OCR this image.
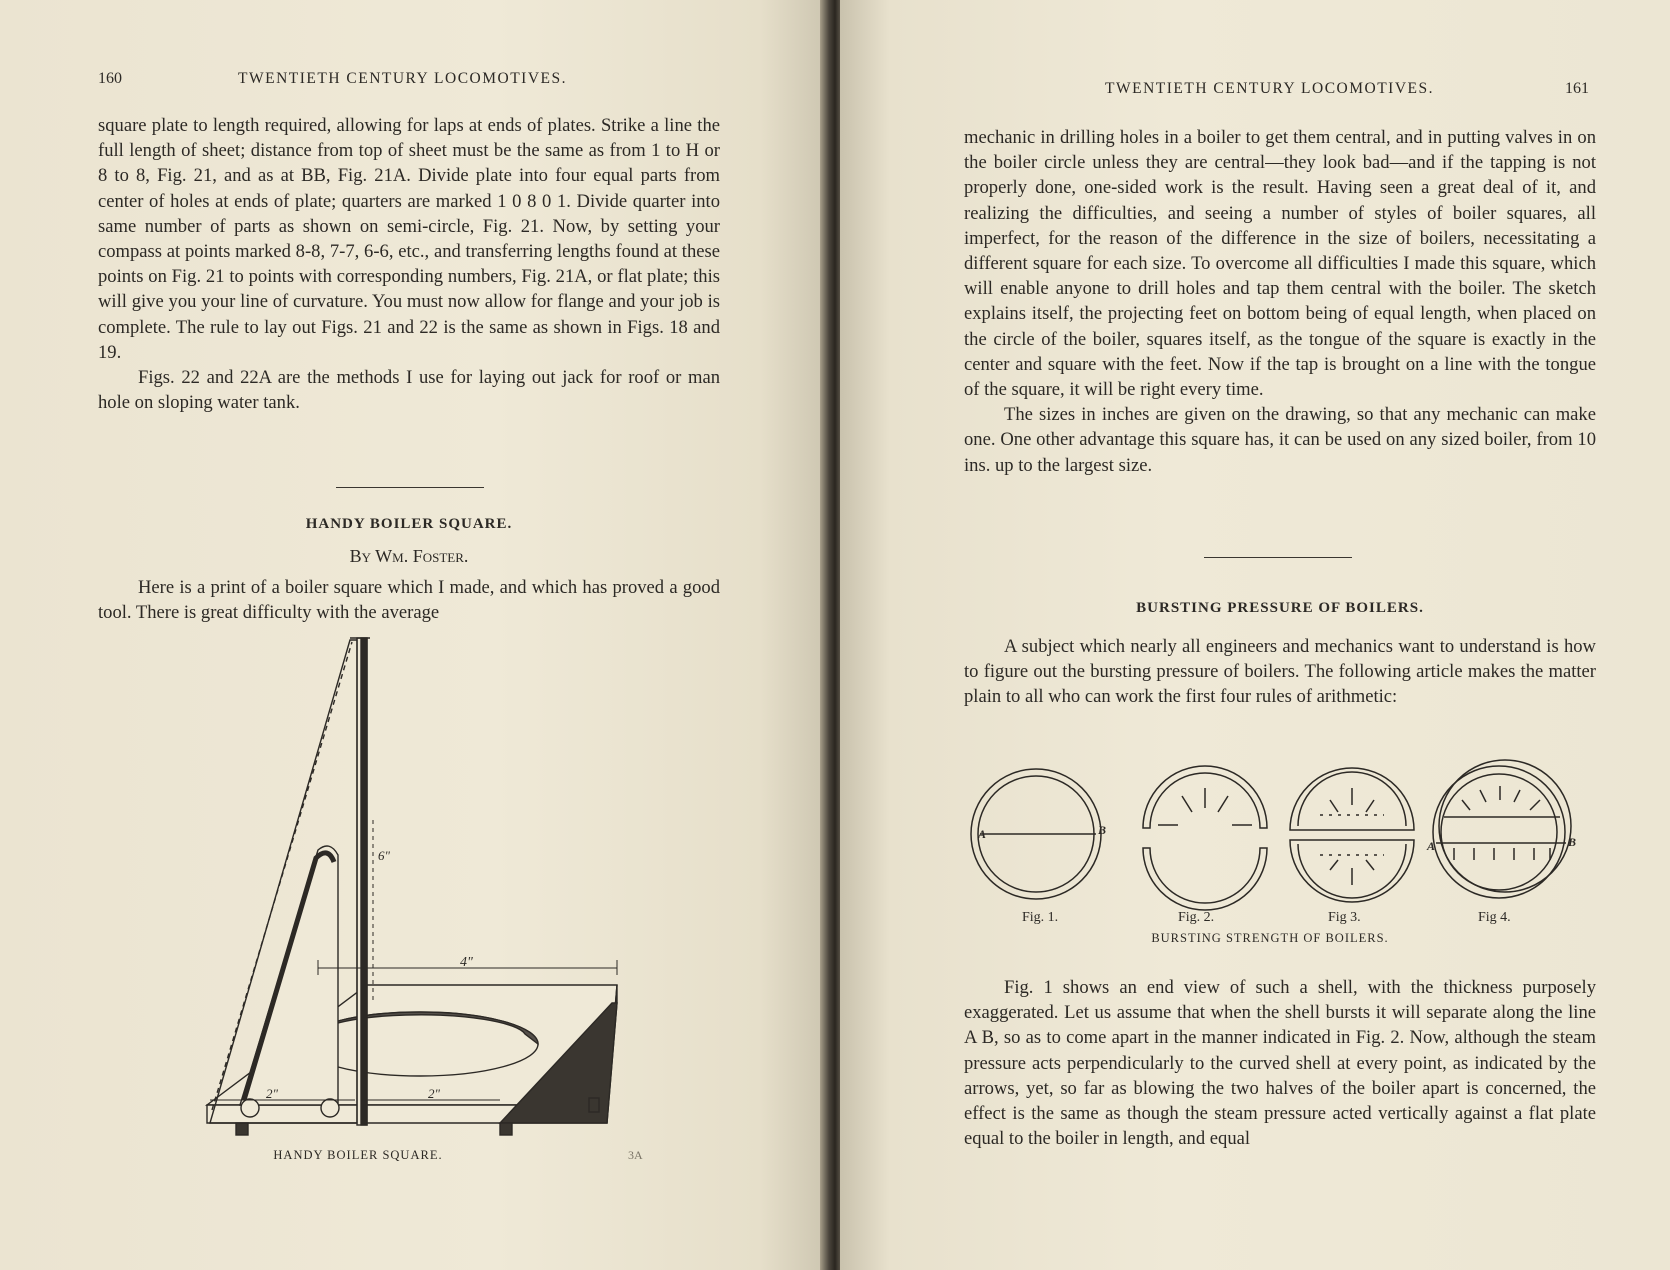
160	TWENTIETH CENTURY LOCOMOTIVES.

square plate to length required, allowing for laps at ends of plates. Strike a line the full length of sheet; distance from top of sheet must be the same as from 1 to H or 8 to 8, Fig. 21, and as at BB, Fig. 21A. Divide plate into four equal parts from center of holes at ends of plate; quarters are marked 1 0 8 0 1. Divide quarter into same number of parts as shown on semi-circle, Fig. 21. Now, by setting your compass at points marked 8-8, 7-7, 6-6, etc., and transferring lengths found at these points on Fig. 21 to points with corresponding numbers, Fig. 21A, or flat plate; this will give you your line of curvature. You must now allow for flange and your job is complete. The rule to lay out Figs. 21 and 22 is the same as shown in Figs. 18 and 19.

Figs. 22 and 22A are the methods I use for laying out jack for roof or man hole on sloping water tank.

HANDY BOILER SQUARE.
By Wm. Foster.

Here is a print of a boiler square which I made, and which has proved a good tool. There is great difficulty with the average

4"
2"	2"
6"
HANDY BOILER SQUARE.	3A
TWENTIETH CENTURY LOCOMOTIVES.	161

mechanic in drilling holes in a boiler to get them central, and in putting valves in on the boiler circle unless they are central—they look bad—and if the tapping is not properly done, one-sided work is the result. Having seen a great deal of it, and realizing the difficulties, and seeing a number of styles of boiler squares, all imperfect, for the reason of the difference in the size of boilers, necessitating a different square for each size. To overcome all difficulties I made this square, which will enable anyone to drill holes and tap them central with the boiler. The sketch explains itself, the projecting feet on bottom being of equal length, when placed on the circle of the boiler, squares itself, as the tongue of the square is exactly in the center and square with the feet. Now if the tap is brought on a line with the tongue of the square, it will be right every time.

The sizes in inches are given on the drawing, so that any mechanic can make one. One other advantage this square has, it can be used on any sized boiler, from 10 ins. up to the largest size.

BURSTING PRESSURE OF BOILERS.

A subject which nearly all engineers and mechanics want to understand is how to figure out the bursting pressure of boilers. The following article makes the matter plain to all who can work the first four rules of arithmetic:

A	B
A	B
Fig. 1.	Fig. 2.	Fig 3.	Fig 4.
BURSTING STRENGTH OF BOILERS.

Fig. 1 shows an end view of such a shell, with the thickness purposely exaggerated. Let us assume that when the shell bursts it will separate along the line A B, so as to come apart in the manner indicated in Fig. 2. Now, although the steam pressure acts perpendicularly to the curved shell at every point, as indicated by the arrows, yet, so far as blowing the two halves of the boiler apart is concerned, the effect is the same as though the steam pressure acted vertically against a flat plate equal to the boiler in length, and equal
